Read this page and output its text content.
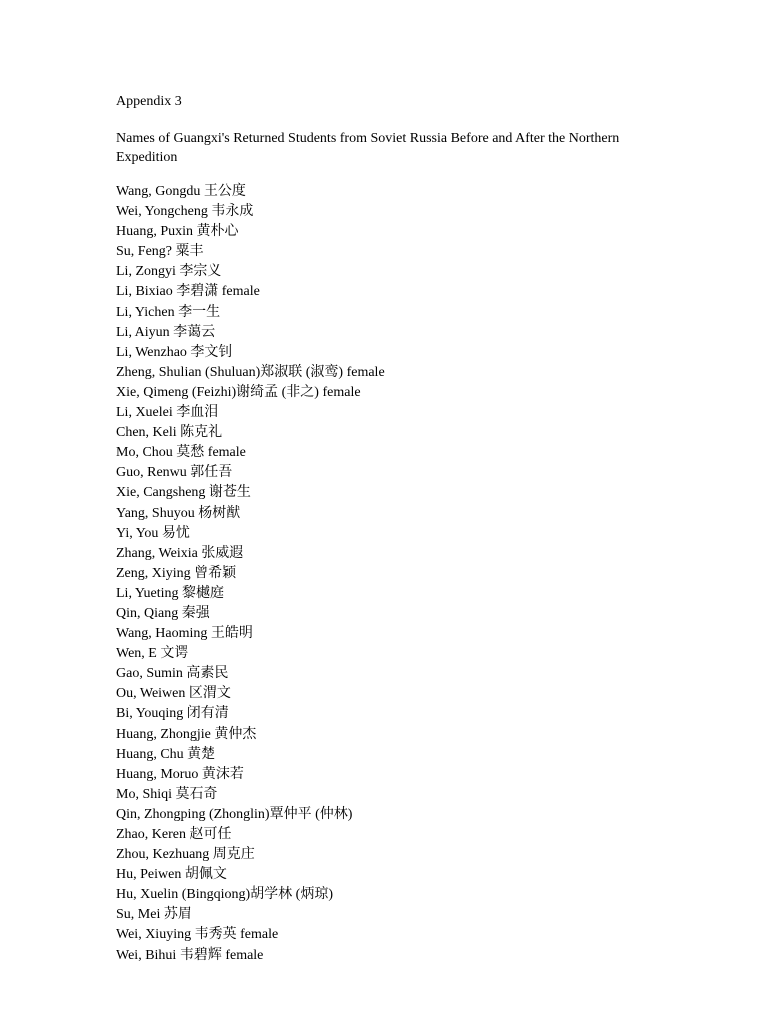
Appendix 3
Names of Guangxi's Returned Students from Soviet Russia Before and After the Northern Expedition
Wang, Gongdu 王公度
Wei, Yongcheng 韦永成
Huang, Puxin 黄朴心
Su, Feng? 粟丰
Li, Zongyi 李宗义
Li, Bixiao 李碧潇 female
Li, Yichen 李一生
Li, Aiyun 李蔼云
Li, Wenzhao 李文钊
Zheng, Shulian (Shuluan)郑淑联 (淑鸾) female
Xie, Qimeng (Feizhi)谢绮孟 (非之) female
Li, Xuelei 李血泪
Chen, Keli 陈克礼
Mo, Chou 莫愁 female
Guo, Renwu 郭任吾
Xie, Cangsheng 谢苍生
Yang, Shuyou 杨树猷
Yi, You 易忧
Zhang, Weixia 张威遐
Zeng, Xiying 曾希颖
Li, Yueting 黎樾庭
Qin, Qiang 秦强
Wang, Haoming 王皓明
Wen, E 文谔
Gao, Sumin 高素民
Ou, Weiwen 区渭文
Bi, Youqing 闭有清
Huang, Zhongjie 黄仲杰
Huang, Chu 黄楚
Huang, Moruo 黄沫若
Mo, Shiqi 莫石奇
Qin, Zhongping (Zhonglin)覃仲平 (仲林)
Zhao, Keren 赵可任
Zhou, Kezhuang 周克庄
Hu, Peiwen 胡佩文
Hu, Xuelin (Bingqiong)胡学林 (炳琼)
Su, Mei 苏眉
Wei, Xiuying 韦秀英 female
Wei, Bihui 韦碧辉 female
